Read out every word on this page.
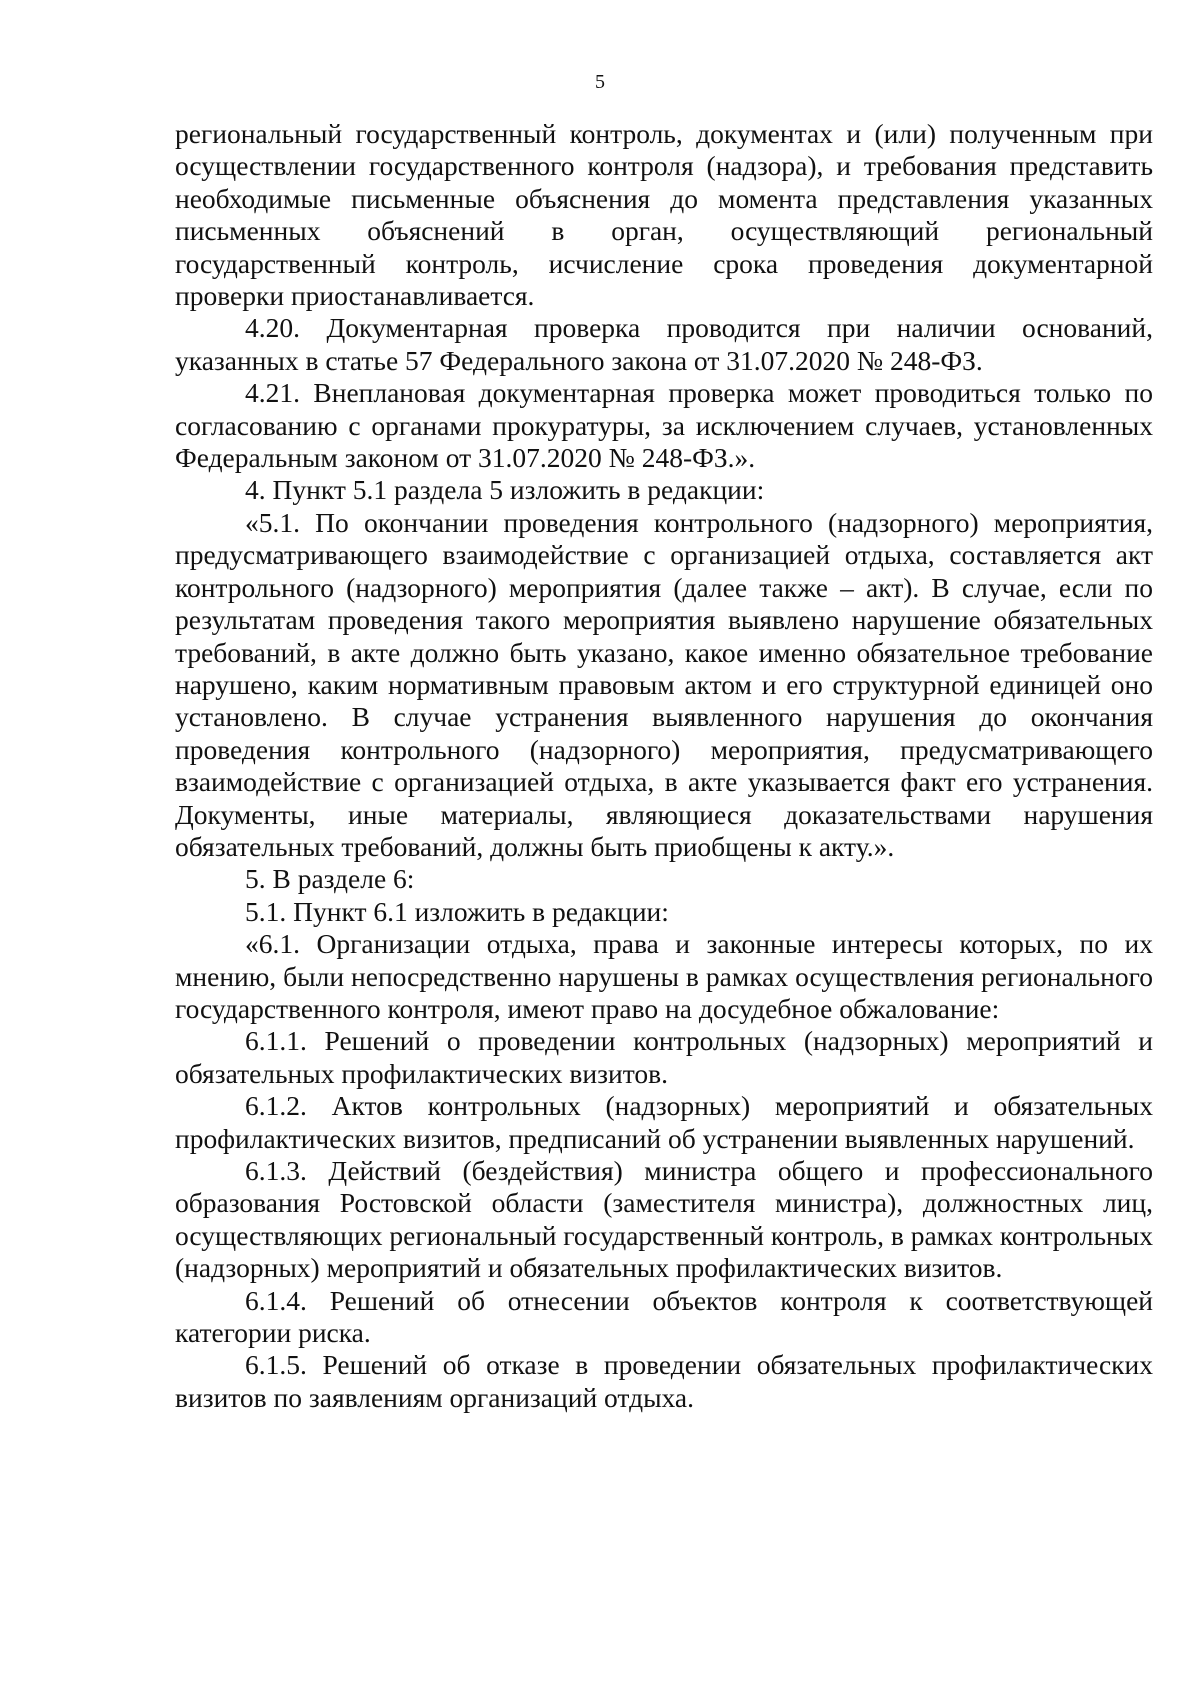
5

региональный государственный контроль, документах и (или) полученным при осуществлении государственного контроля (надзора), и требования представить необходимые письменные объяснения до момента представления указанных письменных объяснений в орган, осуществляющий региональный государственный контроль, исчисление срока проведения документарной проверки приостанавливается.

4.20. Документарная проверка проводится при наличии оснований, указанных в статье 57 Федерального закона от 31.07.2020 № 248-ФЗ.

4.21. Внеплановая документарная проверка может проводиться только по согласованию с органами прокуратуры, за исключением случаев, установленных Федеральным законом от 31.07.2020 № 248-ФЗ.».

4. Пункт 5.1 раздела 5 изложить в редакции:

«5.1. По окончании проведения контрольного (надзорного) мероприятия, предусматривающего взаимодействие с организацией отдыха, составляется акт контрольного (надзорного) мероприятия (далее также – акт). В случае, если по результатам проведения такого мероприятия выявлено нарушение обязательных требований, в акте должно быть указано, какое именно обязательное требование нарушено, каким нормативным правовым актом и его структурной единицей оно установлено. В случае устранения выявленного нарушения до окончания проведения контрольного (надзорного) мероприятия, предусматривающего взаимодействие с организацией отдыха, в акте указывается факт его устранения. Документы, иные материалы, являющиеся доказательствами нарушения обязательных требований, должны быть приобщены к акту.».

5. В разделе 6:

5.1. Пункт 6.1 изложить в редакции:

«6.1. Организации отдыха, права и законные интересы которых, по их мнению, были непосредственно нарушены в рамках осуществления регионального государственного контроля, имеют право на досудебное обжалование:

6.1.1. Решений о проведении контрольных (надзорных) мероприятий и обязательных профилактических визитов.

6.1.2. Актов контрольных (надзорных) мероприятий и обязательных профилактических визитов, предписаний об устранении выявленных нарушений.

6.1.3. Действий (бездействия) министра общего и профессионального образования Ростовской области (заместителя министра), должностных лиц, осуществляющих региональный государственный контроль, в рамках контрольных (надзорных) мероприятий и обязательных профилактических визитов.

6.1.4. Решений об отнесении объектов контроля к соответствующей категории риска.

6.1.5. Решений об отказе в проведении обязательных профилактических визитов по заявлениям организаций отдыха.
